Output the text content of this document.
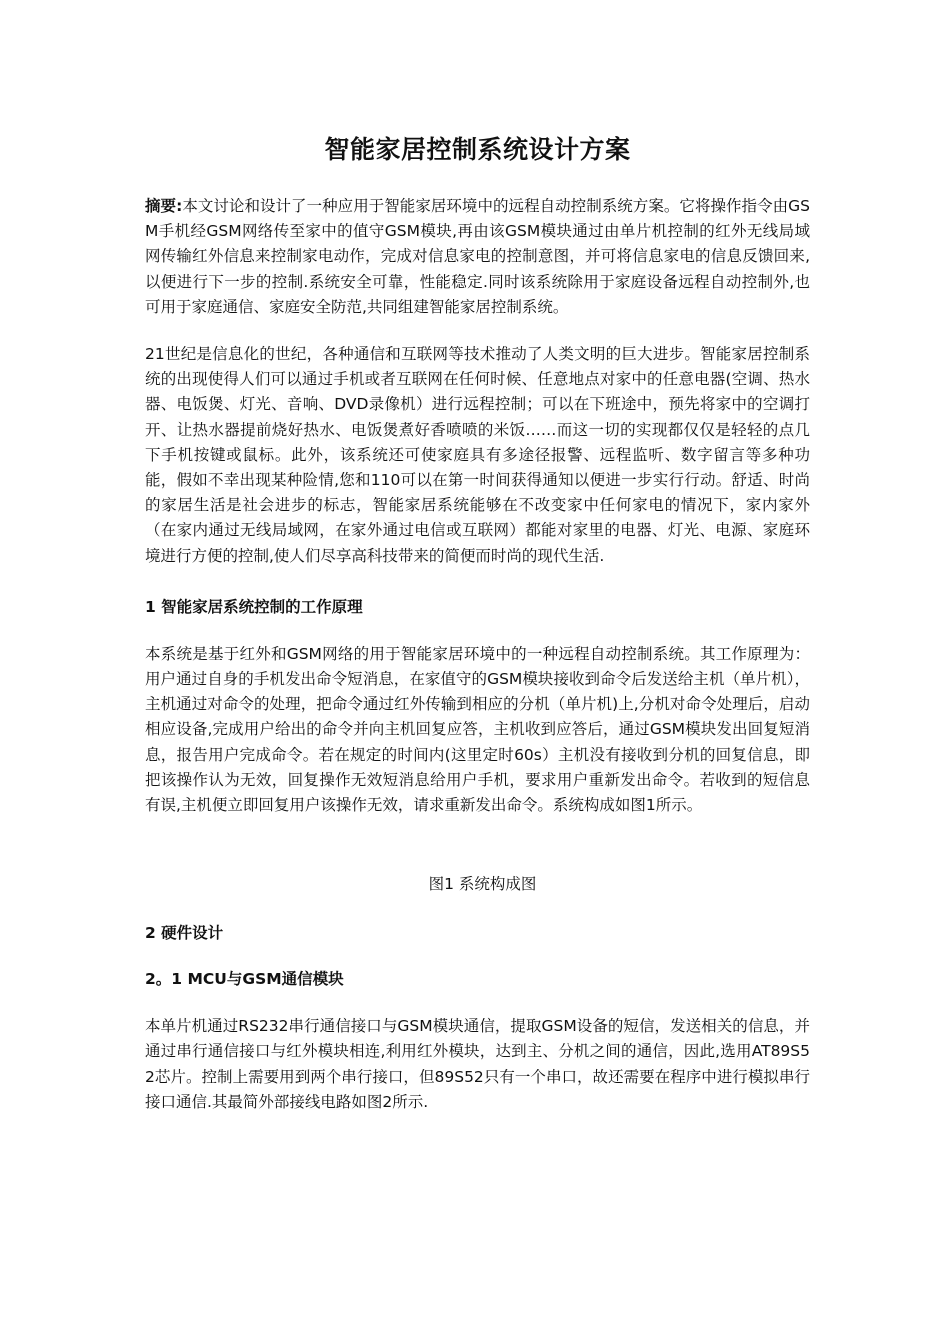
智能家居控制系统设计方案

摘要:本文讨论和设计了一种应用于智能家居环境中的远程自动控制系统方案。它将操作指令由GSM手机经GSM网络传至家中的值守GSM模块,再由该GSM模块通过由单片机控制的红外无线局域网传输红外信息来控制家电动作，完成对信息家电的控制意图，并可将信息家电的信息反馈回来,以便进行下一步的控制.系统安全可靠，性能稳定.同时该系统除用于家庭设备远程自动控制外,也可用于家庭通信、家庭安全防范,共同组建智能家居控制系统。

21世纪是信息化的世纪，各种通信和互联网等技术推动了人类文明的巨大进步。智能家居控制系统的出现使得人们可以通过手机或者互联网在任何时候、任意地点对家中的任意电器(空调、热水器、电饭煲、灯光、音响、DVD录像机）进行远程控制；可以在下班途中，预先将家中的空调打开、让热水器提前烧好热水、电饭煲煮好香喷喷的米饭……而这一切的实现都仅仅是轻轻的点几下手机按键或鼠标。此外，该系统还可使家庭具有多途径报警、远程监听、数字留言等多种功能，假如不幸出现某种险情,您和110可以在第一时间获得通知以便进一步实行行动。舒适、时尚的家居生活是社会进步的标志，智能家居系统能够在不改变家中任何家电的情况下，家内家外（在家内通过无线局域网，在家外通过电信或互联网）都能对家里的电器、灯光、电源、家庭环境进行方便的控制,使人们尽享高科技带来的简便而时尚的现代生活.

1 智能家居系统控制的工作原理

本系统是基于红外和GSM网络的用于智能家居环境中的一种远程自动控制系统。其工作原理为：用户通过自身的手机发出命令短消息，在家值守的GSM模块接收到命令后发送给主机（单片机），主机通过对命令的处理，把命令通过红外传输到相应的分机（单片机)上,分机对命令处理后，启动相应设备,完成用户给出的命令并向主机回复应答，主机收到应答后，通过GSM模块发出回复短消息，报告用户完成命令。若在规定的时间内(这里定时60s）主机没有接收到分机的回复信息，即把该操作认为无效，回复操作无效短消息给用户手机，要求用户重新发出命令。若收到的短信息有误,主机便立即回复用户该操作无效，请求重新发出命令。系统构成如图1所示。

图1 系统构成图

2 硬件设计
2。1 MCU与GSM通信模块

本单片机通过RS232串行通信接口与GSM模块通信，提取GSM设备的短信，发送相关的信息，并通过串行通信接口与红外模块相连,利用红外模块，达到主、分机之间的通信，因此,选用AT89S52芯片。控制上需要用到两个串行接口，但89S52只有一个串口，故还需要在程序中进行模拟串行接口通信.其最简外部接线电路如图2所示.
